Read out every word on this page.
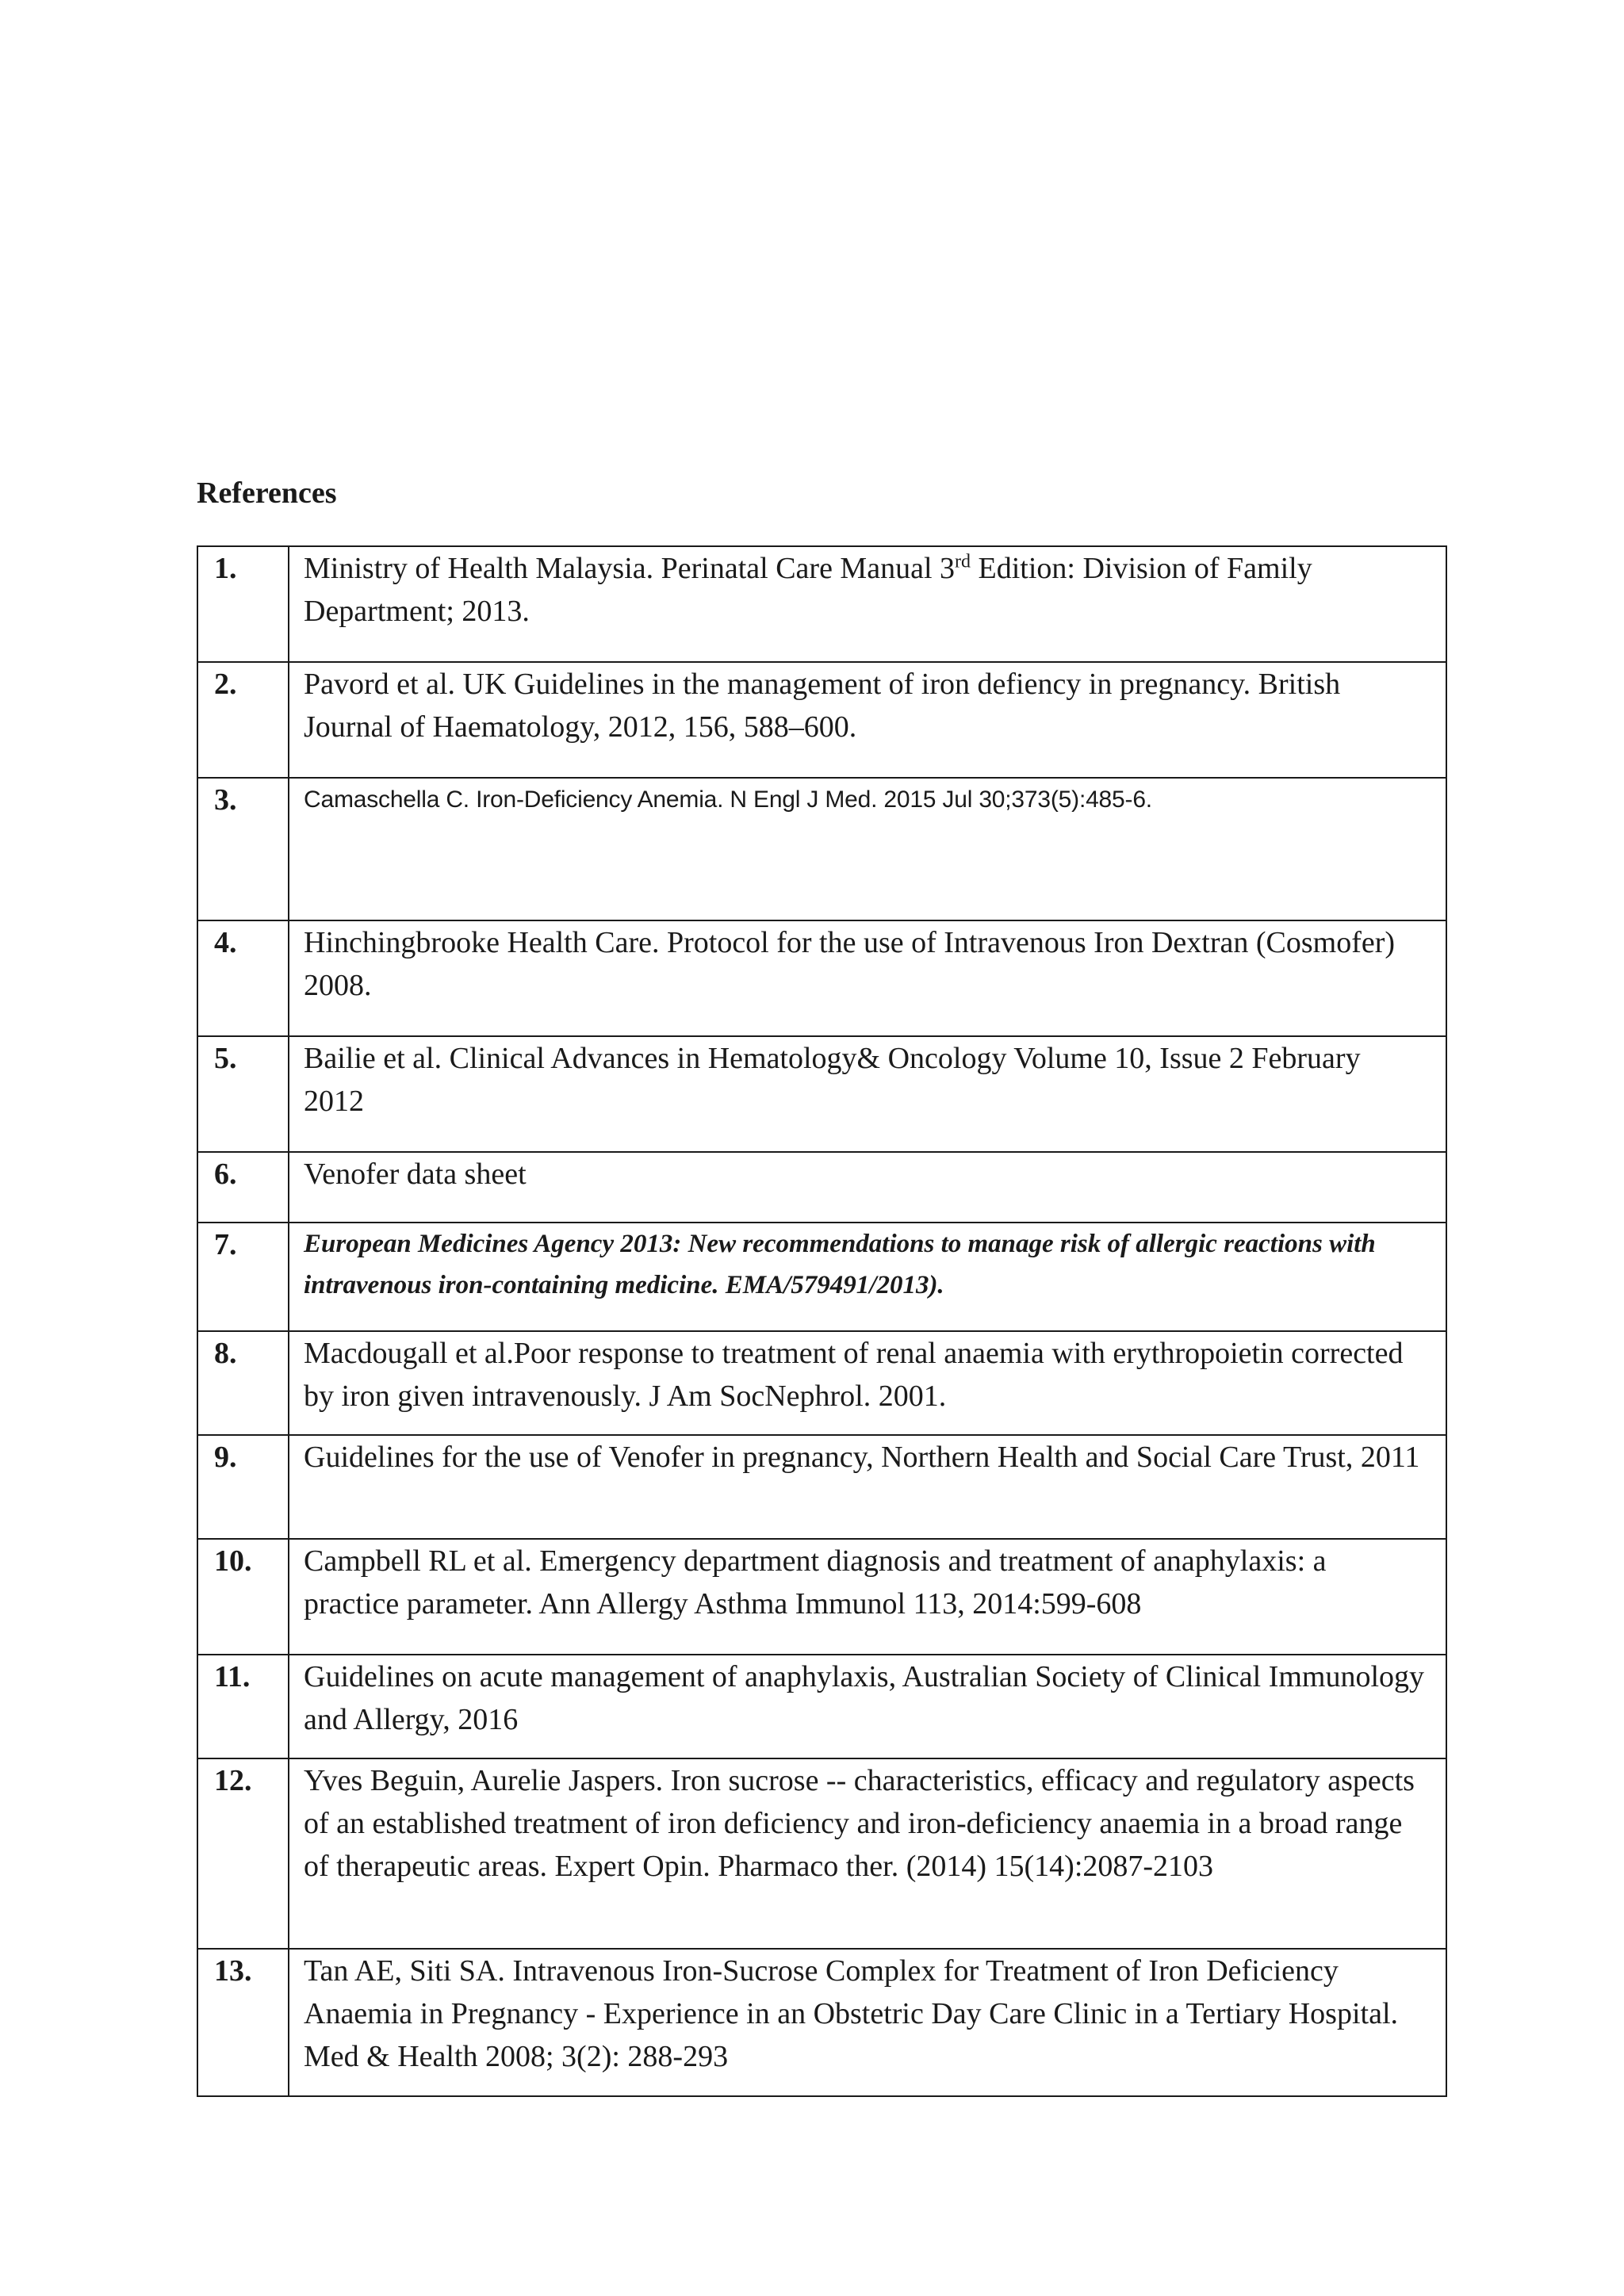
References
1.	Ministry of Health Malaysia. Perinatal Care Manual 3rd Edition: Division of Family Department; 2013.

2.	Pavord et al. UK Guidelines in the management of iron defiency in pregnancy. British Journal of Haematology, 2012, 156, 588–600.

3.	Camaschella C. Iron-Deficiency Anemia. N Engl J Med. 2015 Jul 30;373(5):485-6.

4.	Hinchingbrooke Health Care. Protocol for the use of Intravenous Iron Dextran (Cosmofer) 2008.

5.	Bailie et al. Clinical Advances in Hematology& Oncology Volume 10, Issue 2 February 2012

6.	Venofer data sheet

7.	European Medicines Agency 2013: New recommendations to manage risk of allergic reactions with intravenous iron-containing medicine. EMA/579491/2013).

8.	Macdougall et al.Poor response to treatment of renal anaemia with erythropoietin corrected by iron given intravenously. J Am SocNephrol. 2001.

9.	Guidelines for the use of Venofer in pregnancy, Northern Health and Social Care Trust, 2011

10.	Campbell RL et al. Emergency department diagnosis and treatment of anaphylaxis: a practice parameter. Ann Allergy Asthma Immunol 113, 2014:599-608

11.	Guidelines on acute management of anaphylaxis, Australian Society of Clinical Immunology and Allergy, 2016

12.	Yves Beguin, Aurelie Jaspers. Iron sucrose -- characteristics, efficacy and regulatory aspects of an established treatment of iron deficiency and iron-deficiency anaemia in a broad range of therapeutic areas. Expert Opin. Pharmaco ther. (2014) 15(14):2087-2103

13.	Tan AE, Siti SA. Intravenous Iron-Sucrose Complex for Treatment of Iron Deficiency Anaemia in Pregnancy - Experience in an Obstetric Day Care Clinic in a Tertiary Hospital. Med & Health 2008; 3(2): 288-293
